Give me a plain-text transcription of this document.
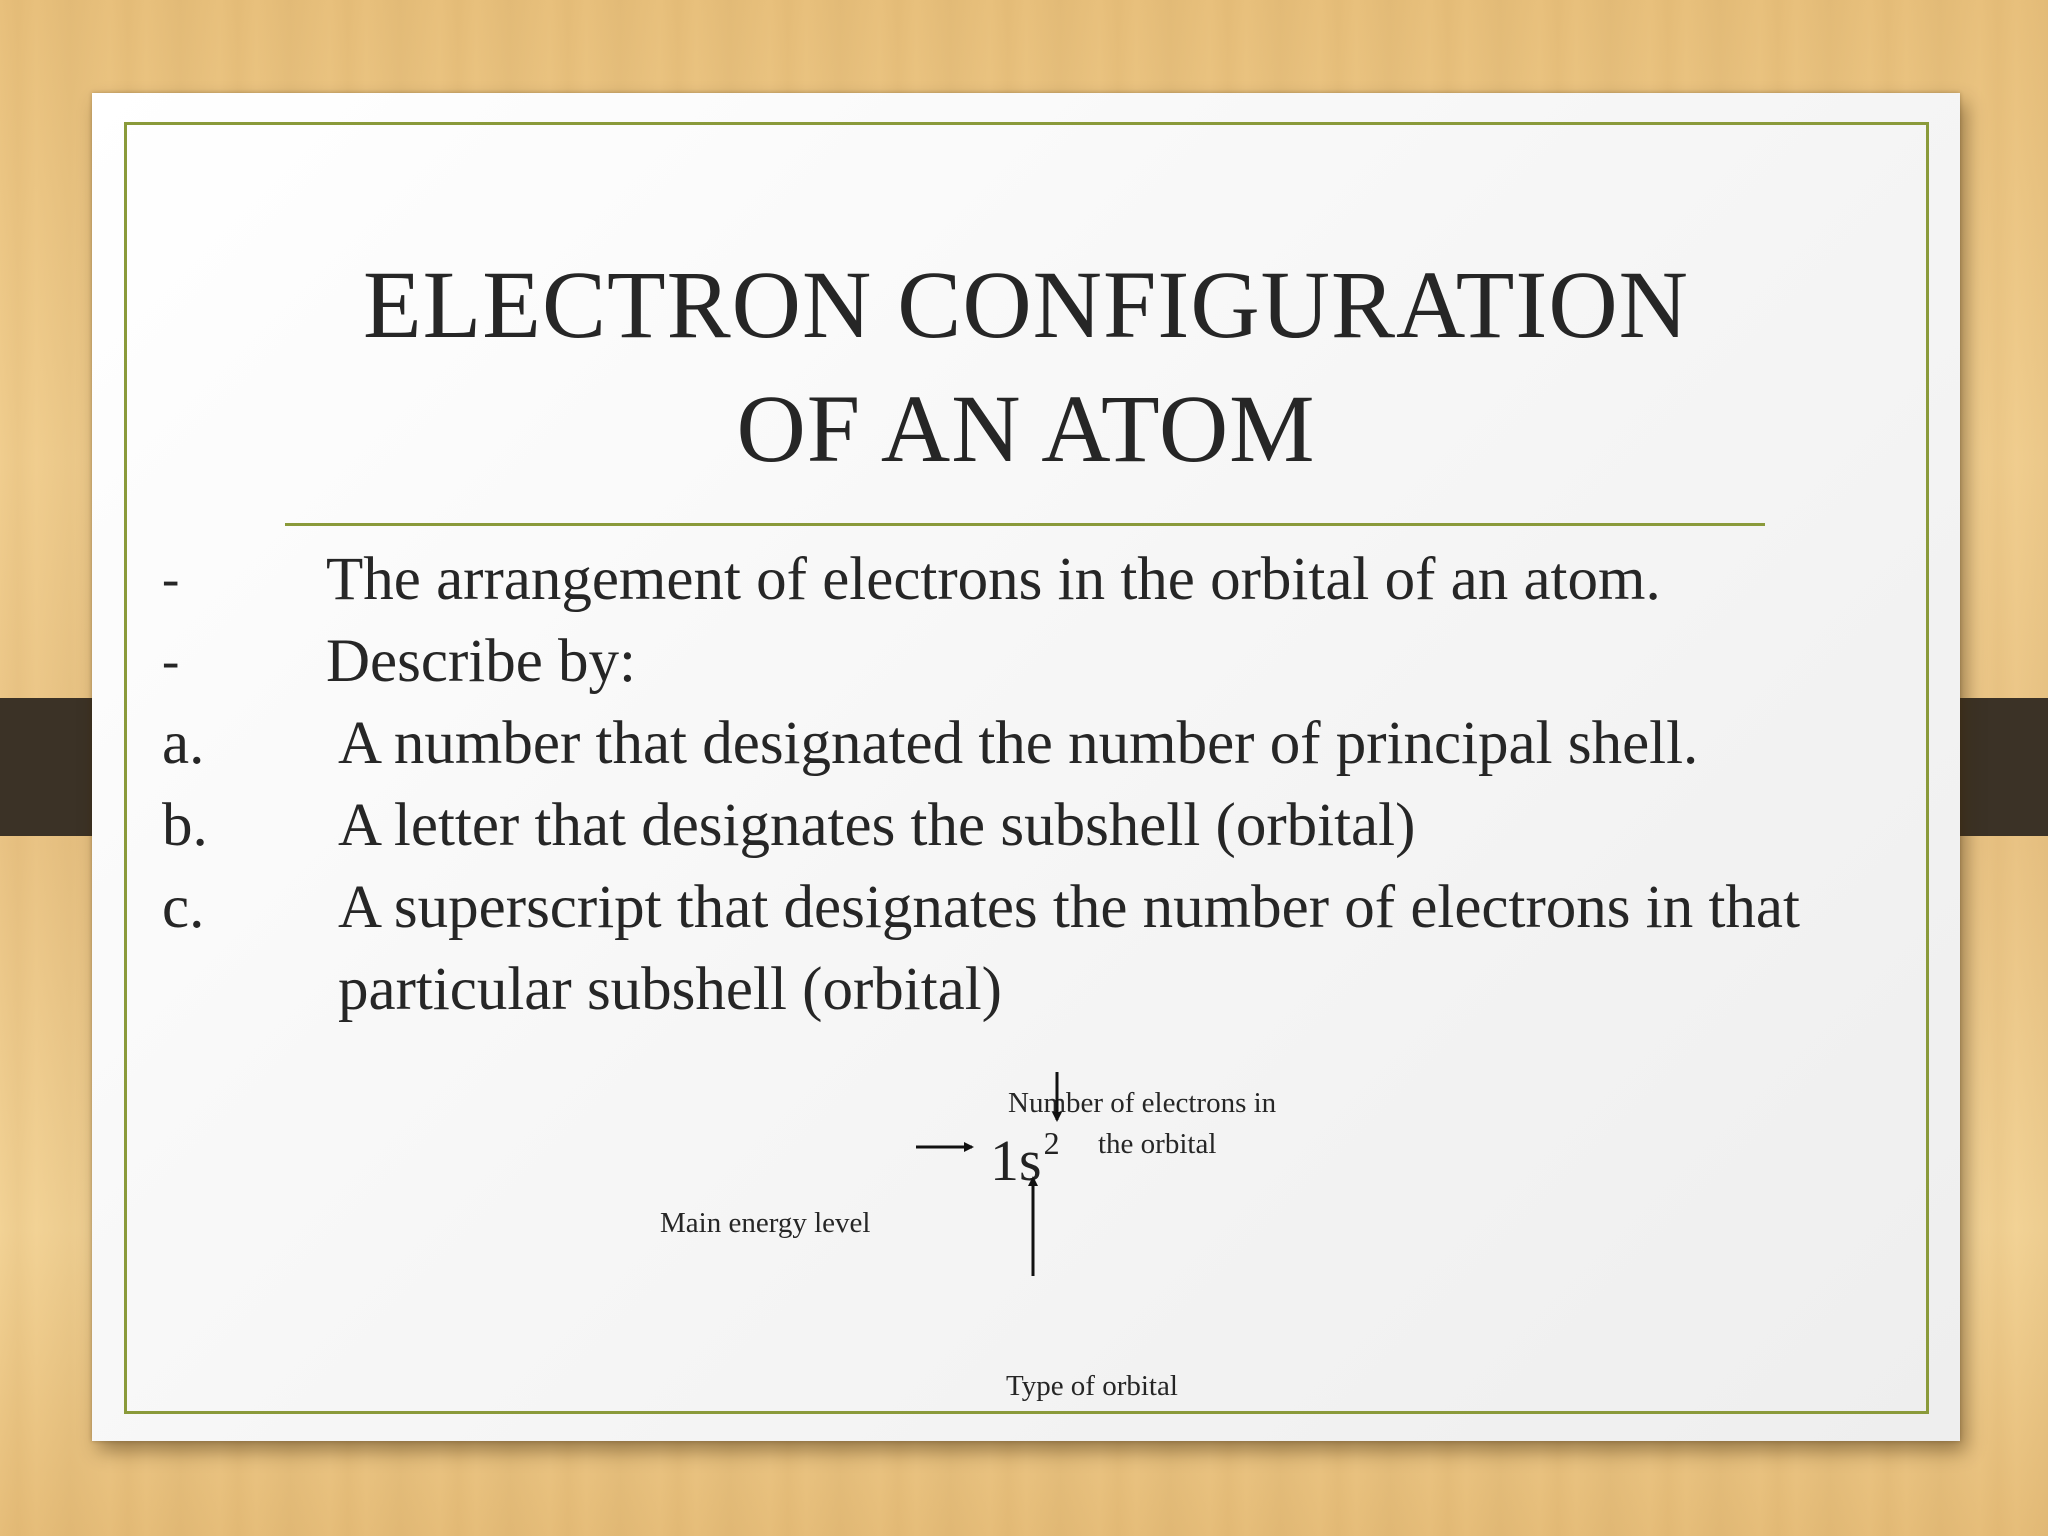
ELECTRON CONFIGURATION
OF AN ATOM
- The arrangement of electrons in the orbital of an atom.
- Describe by:
a. A number that designated the number of principal shell.
b. A letter that designates the subshell (orbital)
c. A superscript that designates the number of electrons in that
particular subshell (orbital)
Number of electrons in
the orbital
Main energy level
Type of orbital
$1s^2$
